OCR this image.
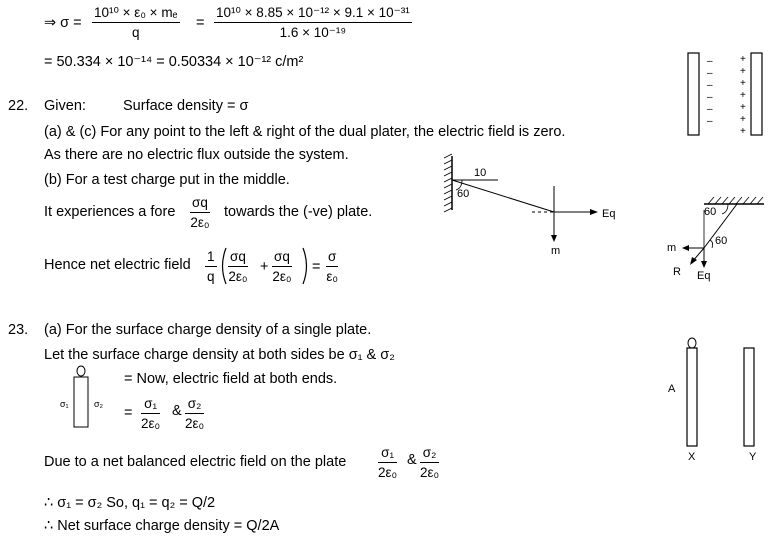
⇒ $\sigma = \frac{\text{10¹⁰ × ε₀ × mₑ}}{q} = \frac{\text{10¹⁰ × 8.85 × 10⁻¹² × 9.1 × 10⁻³¹}}{\text{1.6 × 10⁻¹⁹}}$
= 50.334 × 10⁻¹⁴ = 0.50334 × 10⁻¹² c/m²
22. Given:	Surface density = σ
(a) & (c) For any point to the left & right of the dual plater, the electric field is zero.
As there are no electric flux outside the system.
(b) For a test charge put in the middle.
It experiences a fore $\frac{\sigma q}{\text{2ε₀}}$ towards the (-ve) plate.
Hence net electric field $\frac{1}{q} \frac{\sigma q}{\text{2ε₀}} + \frac{\sigma q}{\text{2ε₀}} = \frac{\sigma}{\text{ε₀}}$
23. (a) For the surface charge density of a single plate.
Let the surface charge density at both sides be σ₁ & σ₂
σ₁	σ₂
= Now, electric field at both ends.
= $\frac{\text{σ₁}}{\text{2ε₀}}$ & $\frac{\text{σ₂}}{\text{2ε₀}}$
Due to a net balanced electric field on the plate $\frac{\text{σ₁}}{\text{2ε₀}}$ & $\frac{\text{σ₂}}{\text{2ε₀}}$
∴ σ₁ = σ₂ So, q₁ = q₂ = Q/2
∴ Net surface charge density = Q/2A
–
–
–
–
–
–
+
+
+
+
+
+
+
10
60
m
Eq	60
60
m
R Eq
A
X	Y
